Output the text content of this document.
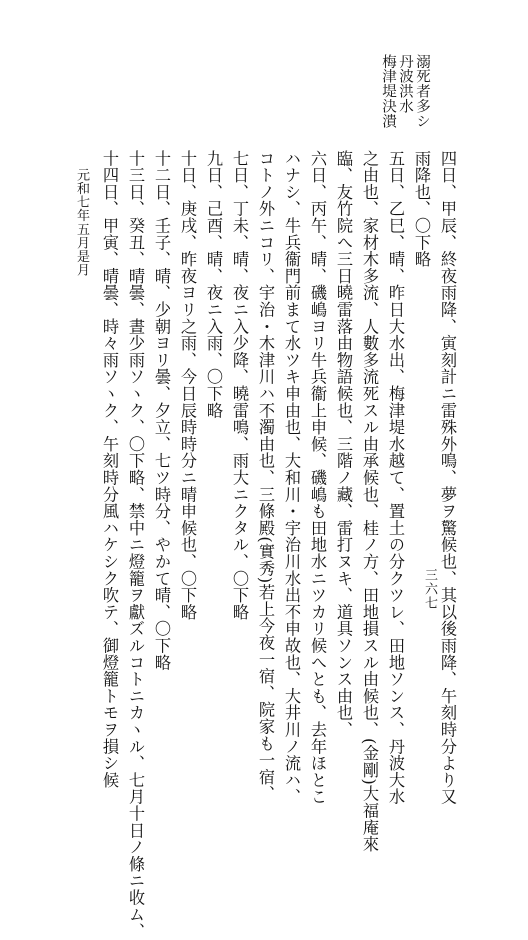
梅津堤決潰 丹波洪水 溺死者多シ
四日、甲辰、終夜雨降、寅刻計ニ雷殊外鳴、夢ヲ驚候也、其以後雨降、午刻時分より又
雨降也、〇下略
五日、乙巳、晴、昨日大水出、梅津堤水越て、置土の分クツレ、田地ソンス、丹波大水
之由也、家材木多流、人數多流死スル由承候也、桂ノ方、田地損スル由候也、(金剛)大福庵來
臨、友竹院へ三日曉雷落由物語候也、三階ノ藏、雷打ヌキ、道具ソンス由也、
六日、丙午、晴、磯嶋ヨリ牛兵衞上申候、磯嶋も田地水ニツカリ候へとも、去年ほとこ
ハナシ、牛兵衞門前まて水ツキ申由也、大和川・宇治川水出不申故也、大井川ノ流ハ、
コトノ外ニコリ、宇治・木津川ハ不濁由也、三條殿(實秀)若上今夜一宿、院家も一宿、
七日、丁未、晴、夜ニ入少降、曉雷鳴、雨大ニクタル、〇下略
九日、己酉、晴、夜ニ入雨、〇下略
十日、庚戌、昨夜ヨリ之雨、今日辰時時分ニ晴申候也、〇下略
十二日、壬子、晴、少朝ヨリ曇、夕立、七ツ時分、やかて晴、〇下略
十三日、癸丑、晴曇、晝少雨ソヽク、〇下略、禁中ニ燈籠ヲ獻ズルコトニカヽル、七月十日ノ條ニ收ム、
十四日、甲寅、晴曇、時々雨ソヽク、午刻時分風ハケシク吹テ、御燈籠トモヲ損シ候
元和七年五月是月
三六七
